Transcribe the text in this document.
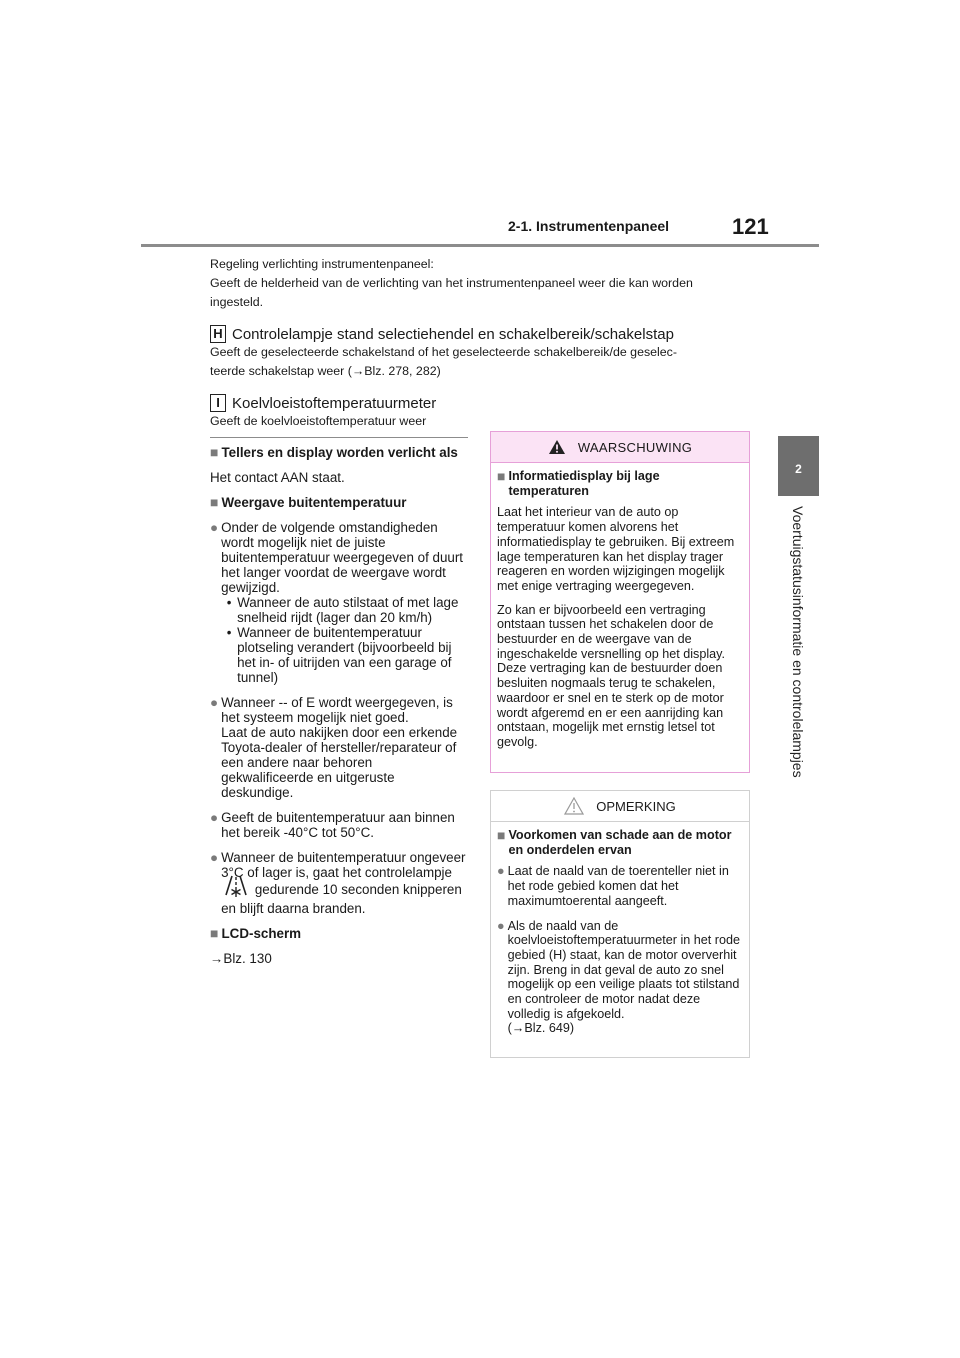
2-1. Instrumentenpaneel	121
2
Voertuigstatusinformatie en controlelampjes

Regeling verlichting instrumentenpaneel:

Geeft de helderheid van de verlichting van het instrumentenpaneel weer die kan worden

ingesteld.

H Controlelampje stand selectiehendel en schakelbereik/schakelstap

Geeft de geselecteerde schakelstand of het geselecteerde schakelbereik/de geselec-

teerde schakelstap weer (→Blz. 278, 282)

I Koelvloeistoftemperatuurmeter

Geeft de koelvloeistoftemperatuur weer

■ Tellers en display worden verlicht als

Het contact AAN staat.

■ Weergave buitentemperatuur
● Onder de volgende omstandigheden wordt mogelijk niet de juiste buitentemperatuur weergegeven of duurt het langer voordat de weergave wordt gewijzigd.
• Wanneer de auto stilstaat of met lage snelheid rijdt (lager dan 20 km/h)
• Wanneer de buitentemperatuur plotseling verandert (bijvoorbeeld bij het in- of uitrijden van een garage of tunnel)
● Wanneer -- of E wordt weergegeven, is het systeem mogelijk niet goed.
Laat de auto nakijken door een erkende Toyota-dealer of hersteller/reparateur of een andere naar behoren gekwalificeerde en uitgeruste deskundige.
● Geeft de buitentemperatuur aan binnen het bereik -40°C tot 50°C.
● Wanneer de buitentemperatuur ongeveer 3°C of lager is, gaat het controlelampje  gedurende 10 seconden knipperen en blijft daarna branden.
■ LCD-scherm

→Blz. 130

WAARSCHUWING
■ Informatiedisplay bij lage temperaturen

Laat het interieur van de auto op temperatuur komen alvorens het informatiedisplay te gebruiken. Bij extreem lage temperaturen kan het display trager reageren en worden wijzigingen mogelijk met enige vertraging weergegeven.

Zo kan er bijvoorbeeld een vertraging ontstaan tussen het schakelen door de bestuurder en de weergave van de ingeschakelde versnelling op het display. Deze vertraging kan de bestuurder doen besluiten nogmaals terug te schakelen, waardoor er snel en te sterk op de motor wordt afgeremd en er een aanrijding kan ontstaan, mogelijk met ernstig letsel tot gevolg.

OPMERKING
■ Voorkomen van schade aan de motor en onderdelen ervan
● Laat de naald van de toerenteller niet in het rode gebied komen dat het maximumtoerental aangeeft.
● Als de naald van de koelvloeistoftemperatuurmeter in het rode gebied (H) staat, kan de motor oververhit zijn. Breng in dat geval de auto zo snel mogelijk op een veilige plaats tot stilstand en controleer de motor nadat deze volledig is afgekoeld.
(→Blz. 649)
